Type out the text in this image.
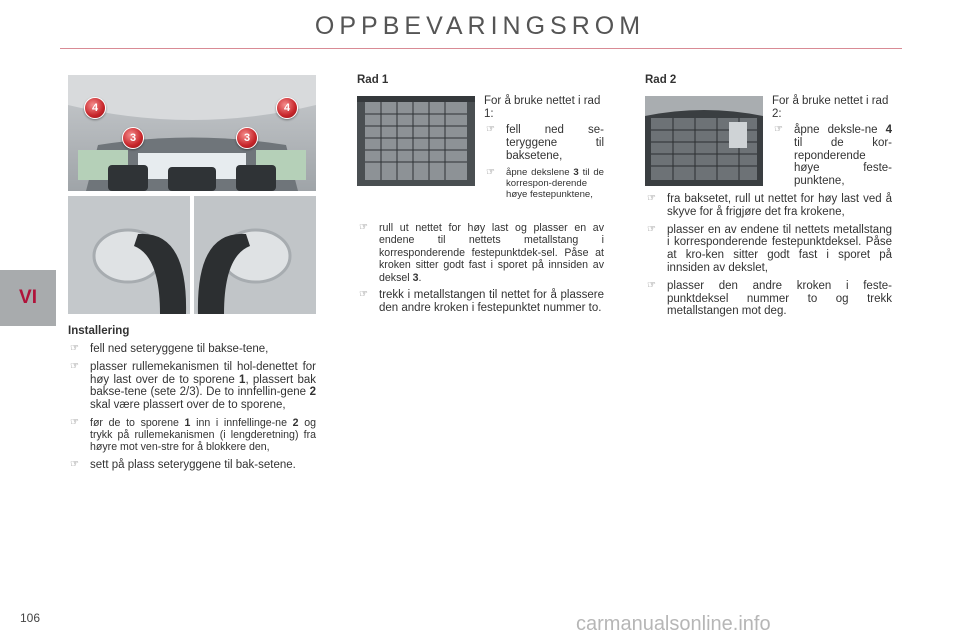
OPPBEVARINGSROM
VI
4	4
3	3
Installering
☞ fell ned seteryggene til bakse-tene,
☞ plasser rullemekanismen til hol-denettet for høy last over de to sporene 1, plassert bak bakse-tene (sete 2/3). De to innfellin-gene 2 skal være plassert over de to sporene,
☞ før de to sporene 1 inn i innfellinge-ne 2 og trykk på rullemekanismen (i lengderetning) fra høyre mot ven-stre for å blokkere den,
☞ sett på plass seteryggene til bak-setene.
Rad 1
For å bruke nettet i rad 1:
☞ fell ned se-teryggene til baksetene,
☞ åpne dekslene 3 til de korrespon-derende høye festepunktene,
☞ rull ut nettet for høy last og plasser en av endene til nettets metallstang i korresponderende festepunktdek-sel. Påse at kroken sitter godt fast i sporet på innsiden av deksel 3.
☞ trekk i metallstangen til nettet for å plassere den andre kroken i festepunktet nummer to.
Rad 2
For å bruke nettet i rad 2:
☞ åpne deksle-ne 4 til de kor-reponderende høye feste-punktene,
☞ fra baksetet, rull ut nettet for høy last ved å skyve for å frigjøre det fra krokene,
☞ plasser en av endene til nettets metallstang i korresponderende festepunktdeksel. Påse at kro-ken sitter godt fast i sporet på innsiden av dekslet,
☞ plasser den andre kroken i feste-punktdeksel nummer to og trekk metallstangen mot deg.
106	carmanualsonline.info
